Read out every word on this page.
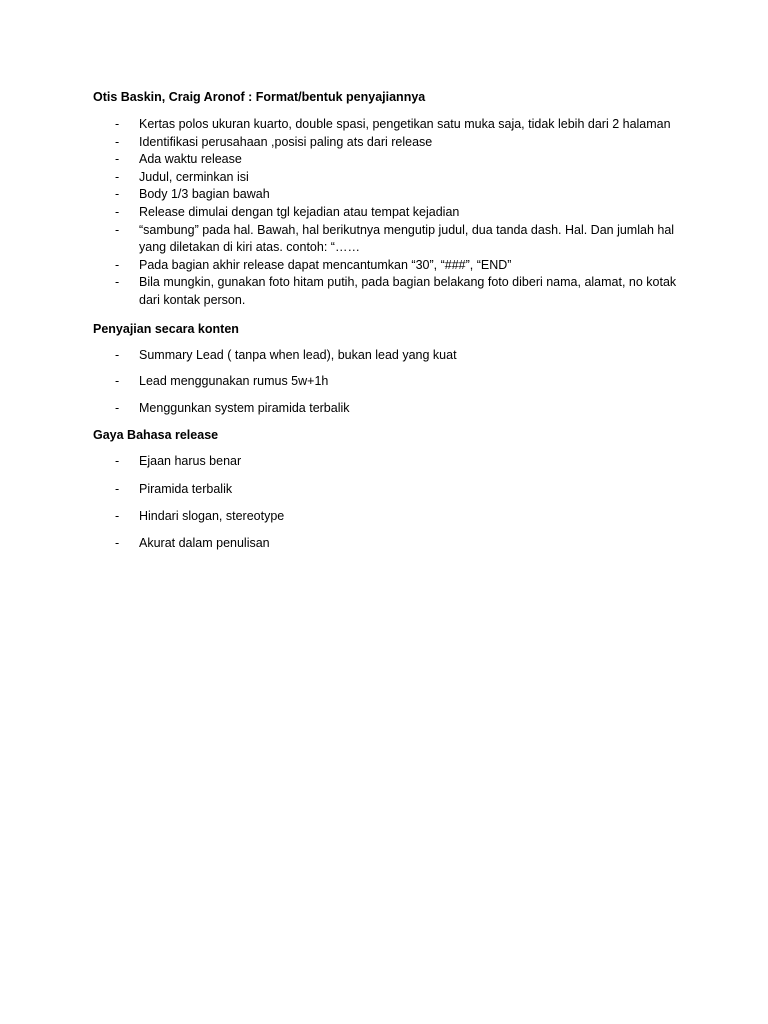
Otis Baskin, Craig Aronof : Format/bentuk penyajiannya

- Kertas polos ukuran kuarto, double spasi, pengetikan satu muka saja, tidak lebih dari 2 halaman
- Identifikasi perusahaan ,posisi paling ats dari release
- Ada waktu release
- Judul, cerminkan isi
- Body 1/3 bagian bawah
- Release dimulai dengan tgl kejadian atau tempat kejadian
- “sambung” pada hal. Bawah, hal berikutnya mengutip judul, dua tanda dash. Hal. Dan jumlah hal yang diletakan di kiri atas. contoh: “……
- Pada bagian akhir release dapat mencantumkan “30”, “###”, “END”
- Bila mungkin, gunakan foto hitam putih, pada bagian belakang foto diberi nama, alamat, no kotak dari kontak person.

Penyajian secara konten

- Summary Lead ( tanpa when lead), bukan lead yang kuat
- Lead menggunakan rumus 5w+1h
- Menggunkan system piramida terbalik

Gaya Bahasa release

- Ejaan harus benar
- Piramida terbalik
- Hindari slogan, stereotype
- Akurat dalam penulisan
